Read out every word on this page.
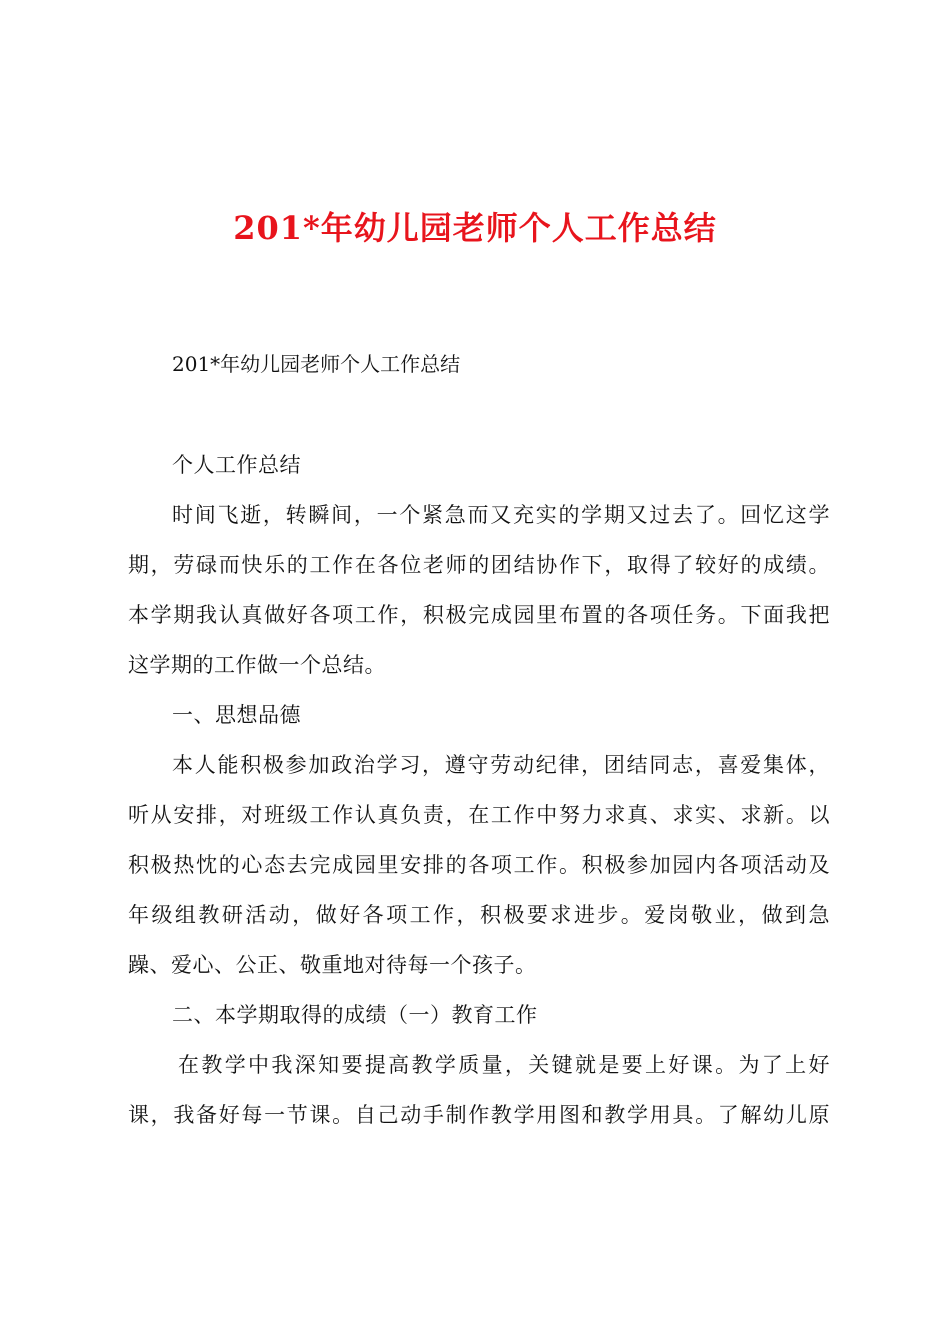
201*年幼儿园老师个人工作总结
201*年幼儿园老师个人工作总结
个人工作总结
时间飞逝，转瞬间，一个紧急而又充实的学期又过去了。回忆这学
期，劳碌而快乐的工作在各位老师的团结协作下，取得了较好的成绩。
本学期我认真做好各项工作，积极完成园里布置的各项任务。下面我把
这学期的工作做一个总结。
一、思想品德
本人能积极参加政治学习，遵守劳动纪律，团结同志，喜爱集体，
听从安排，对班级工作认真负责，在工作中努力求真、求实、求新。以
积极热忱的心态去完成园里安排的各项工作。积极参加园内各项活动及
年级组教研活动，做好各项工作，积极要求进步。爱岗敬业，做到急
躁、爱心、公正、敬重地对待每一个孩子。
二、本学期取得的成绩（一）教育工作
在教学中我深知要提高教学质量，关键就是要上好课。为了上好
课，我备好每一节课。自己动手制作教学用图和教学用具。了解幼儿原
